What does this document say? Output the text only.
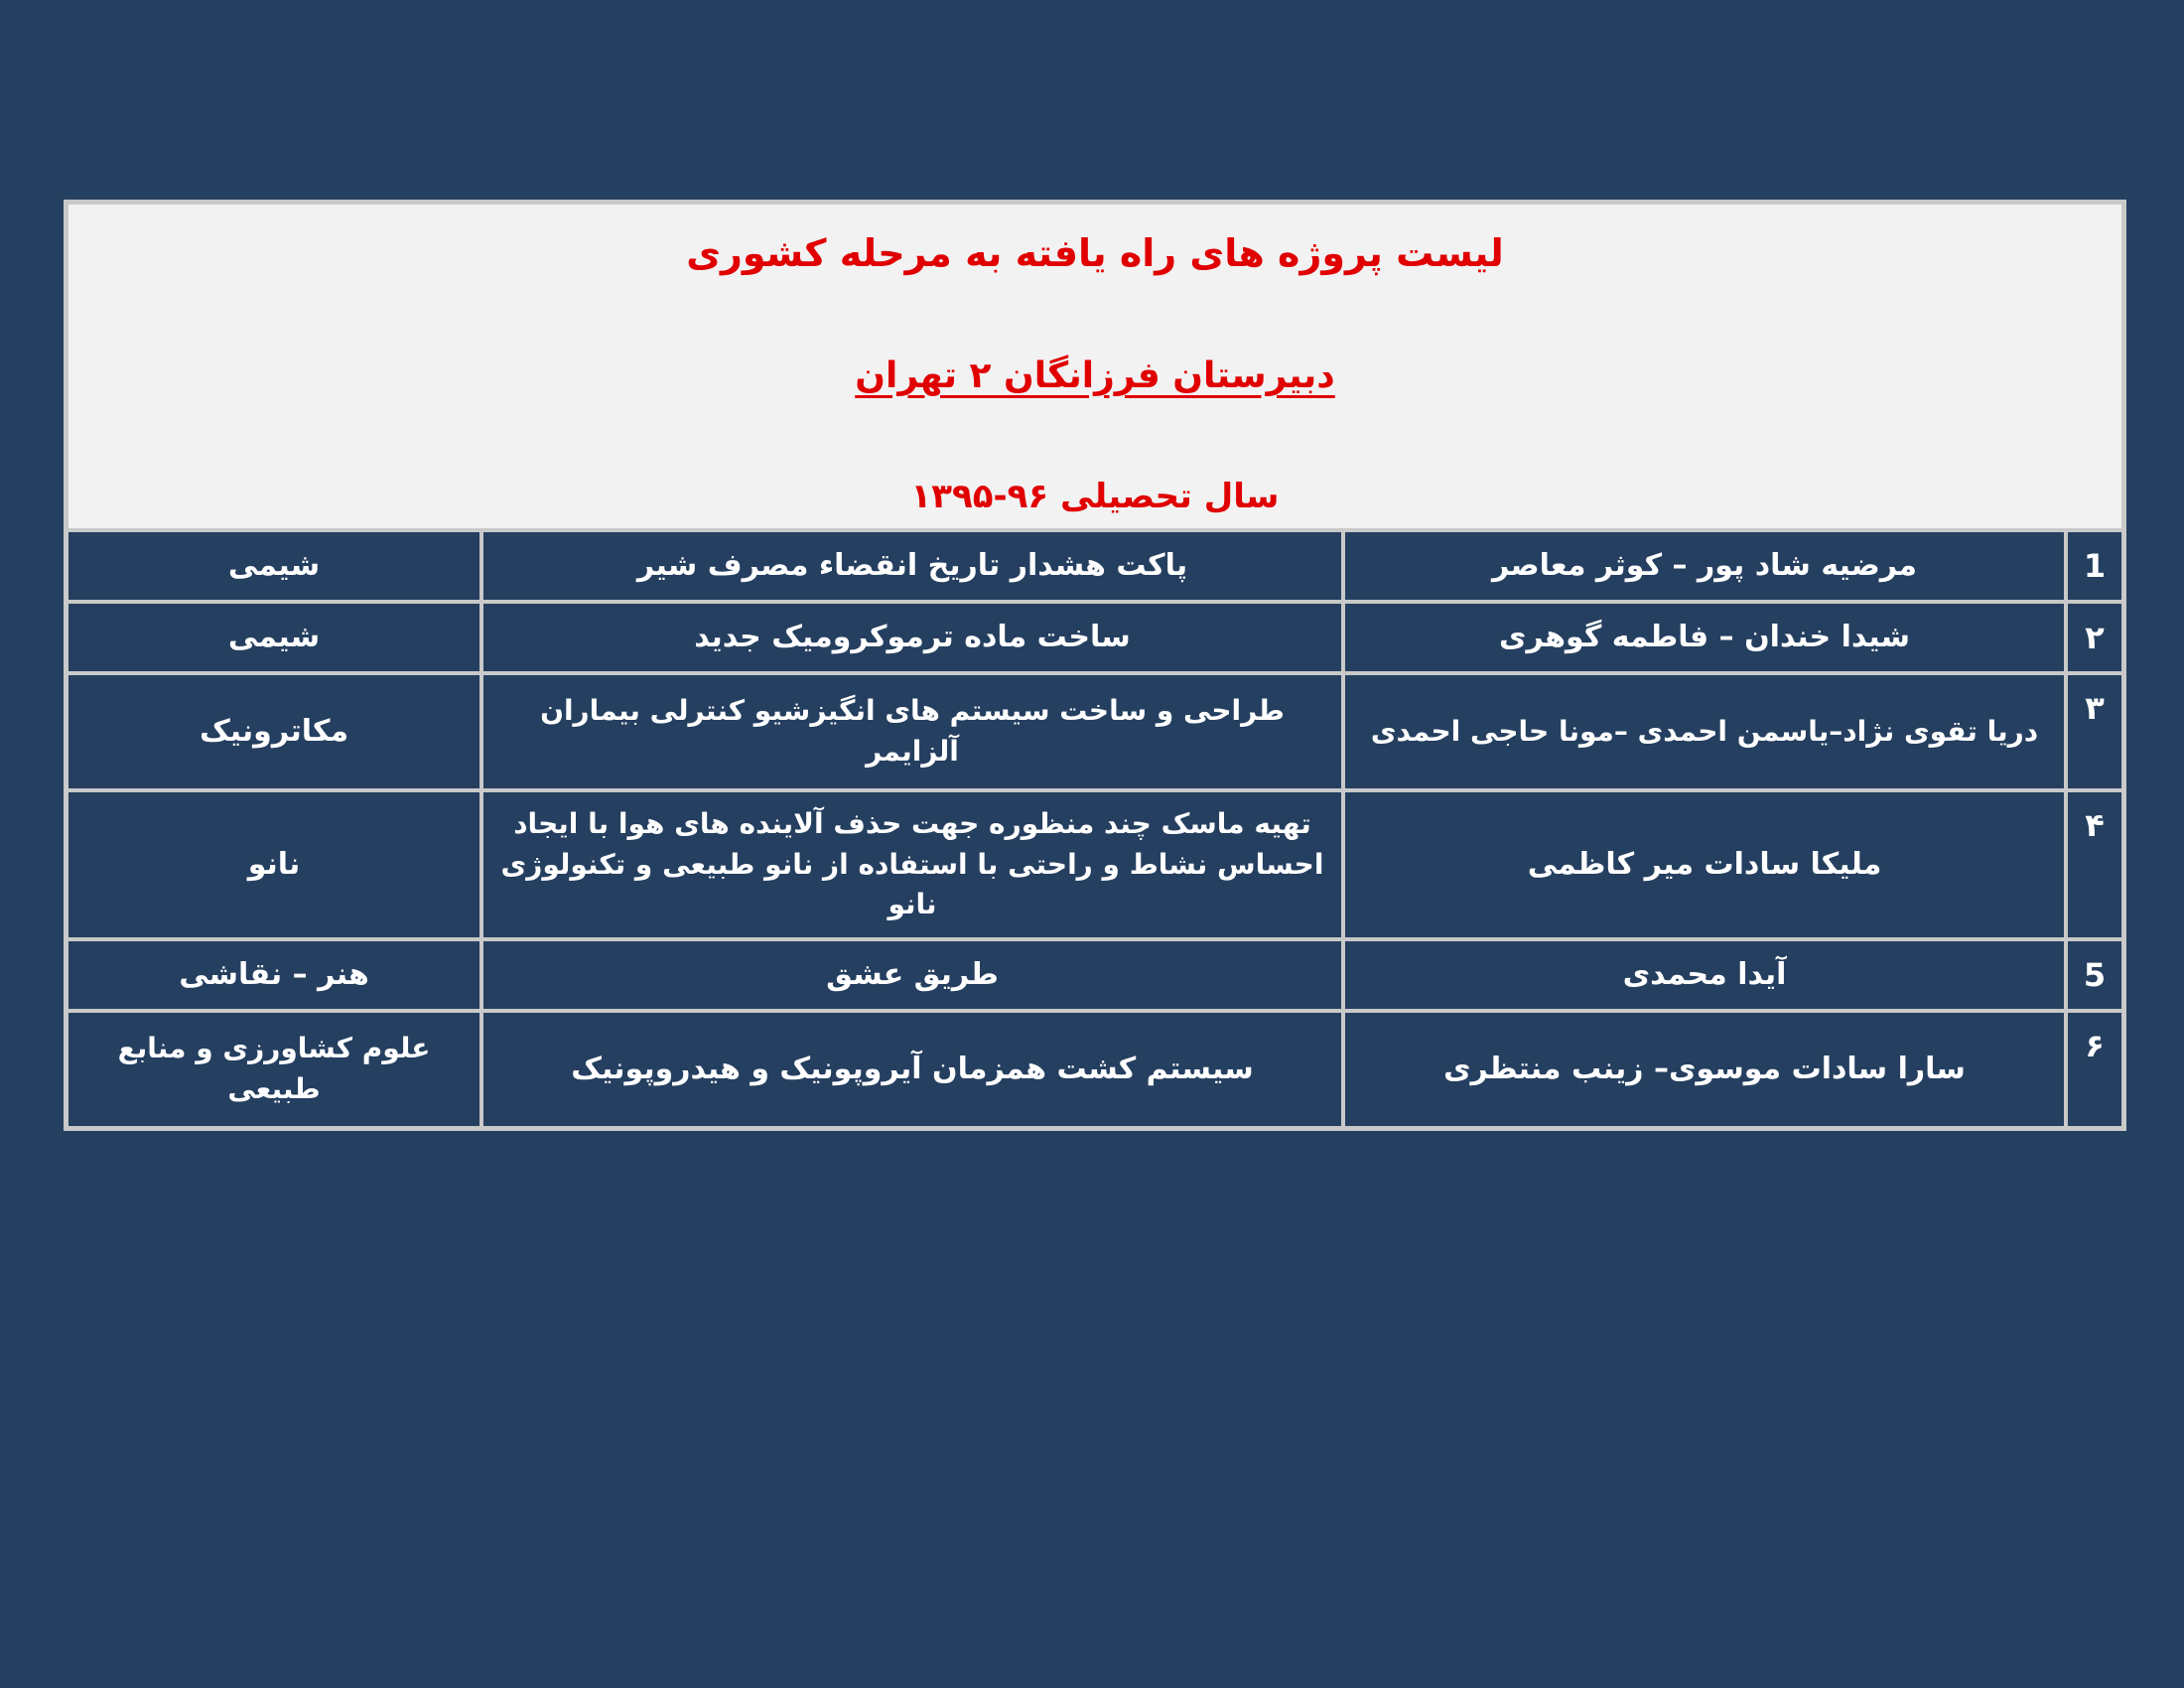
لیست پروژه های راه یافته به مرحله کشوری
دبیرستان فرزانگان ۲ تهران
سال تحصیلی ۹۶-۱۳۹۵			

1	مرضیه شاد پور – کوثر معاصر	پاکت هشدار تاریخ انقضاء مصرف شیر	شیمی
۲	شیدا خندان – فاطمه گوهری	ساخت ماده ترموکرومیک جدید	شیمی
۳	دریا تقوی نژاد–یاسمن احمدی –مونا حاجی احمدی	طراحی و ساخت سیستم های انگیزشیو کنترلی بیماران آلزایمر	مکاترونیک
۴	ملیکا سادات میر کاظمی	تهیه ماسک چند منظوره جهت حذف آلاینده های هوا با ایجاد احساس نشاط و راحتی با استفاده از نانو طبیعی و تکنولوژی نانو	نانو
5	آیدا محمدی	طریق عشق	هنر – نقاشی
۶	سارا سادات موسوی– زینب منتظری	سیستم کشت همزمان آیروپونیک و هیدروپونیک	علوم کشاورزی و منابع طبیعی
